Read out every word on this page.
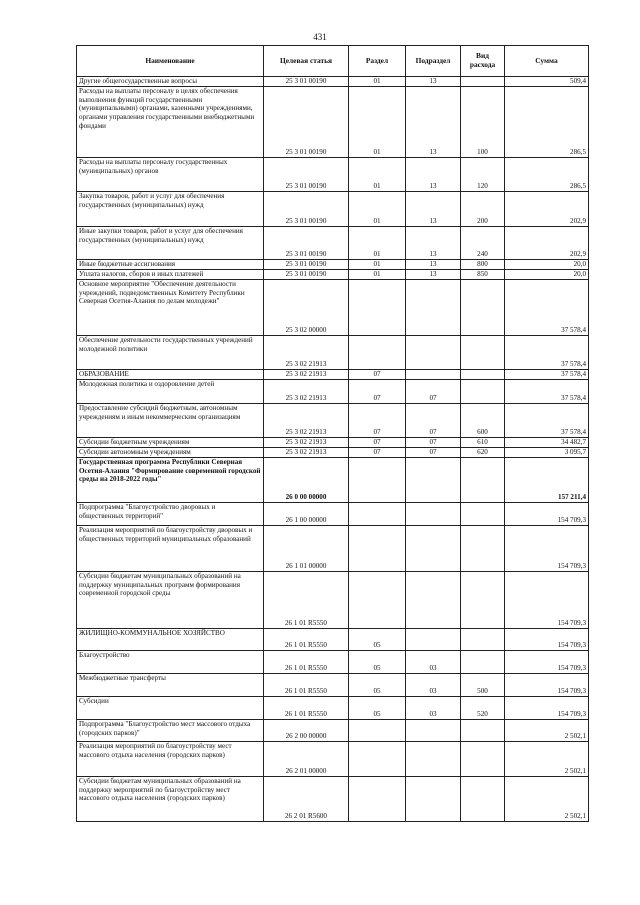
431
Наименование	Целевая статья	Раздел	Подраздел	Вид расхода	Сумма
Другие общегосударственные вопросы	25 3 01 00190	01	13		509,4
Расходы на выплаты персоналу в целях обеспечения выполнения функций государственными (муниципальными) органами, казенными учреждениями, органами управления государственными внебюджетными фондами	25 3 01 00190	01	13	100	286,5
Расходы на выплаты персоналу государственных (муниципальных) органов	25 3 01 00190	01	13	120	286,5
Закупка товаров, работ и услуг для обеспечения государственных (муниципальных) нужд	25 3 01 00190	01	13	200	202,9
Иные закупки товаров, работ и услуг для обеспечения государственных (муниципальных) нужд	25 3 01 00190	01	13	240	202,9
Иные бюджетные ассигнования	25 3 01 00190	01	13	800	20,0
Уплата налогов, сборов и иных платежей	25 3 01 00190	01	13	850	20,0
Основное мероприятие "Обеспечение деятельности учреждений, подведомственных Комитету Республики Северная Осетия-Алания по делам молодежи"	25 3 02 00000				37 578,4
Обеспечение деятельности государственных учреждений молодежной политики	25 3 02 21913				37 578,4
ОБРАЗОВАНИЕ	25 3 02 21913	07			37 578,4
Молодежная политика и оздоровление детей	25 3 02 21913	07	07		37 578,4
Предоставление субсидий бюджетным, автономным учреждениям и иным некоммерческим организациям	25 3 02 21913	07	07	600	37 578,4
Субсидии бюджетным учреждениям	25 3 02 21913	07	07	610	34 482,7
Субсидии автономным учреждениям	25 3 02 21913	07	07	620	3 095,7
Государственная программа Республики Северная Осетия-Алания "Формирование современной городской среды на 2018-2022 годы"	26 0 00 00000				157 211,4
Подпрограмма "Благоустройство дворовых и общественных территорий"	26 1 00 00000				154 709,3
Реализация мероприятий по благоустройству дворовых и общественных территорий муниципальных образований	26 1 01 00000				154 709,3
Субсидии бюджетам муниципальных образований на поддержку муниципальных программ формирования современной городской среды	26 1 01 R5550				154 709,3
ЖИЛИЩНО-КОММУНАЛЬНОЕ ХОЗЯЙСТВО	26 1 01 R5550	05			154 709,3
Благоустройство	26 1 01 R5550	05	03		154 709,3
Межбюджетные трансферты	26 1 01 R5550	05	03	500	154 709,3
Субсидии	26 1 01 R5550	05	03	520	154 709,3
Подпрограмма "Благоустройство мест массового отдыха (городских парков)"	26 2 00 00000				2 502,1
Реализация мероприятий по благоустройству мест массового отдыха населения (городских парков)	26 2 01 00000				2 502,1
Субсидии бюджетам муниципальных образований на поддержку мероприятий по благоустройству мест массового отдыха населения (городских парков)	26 2 01 R5600				2 502,1
